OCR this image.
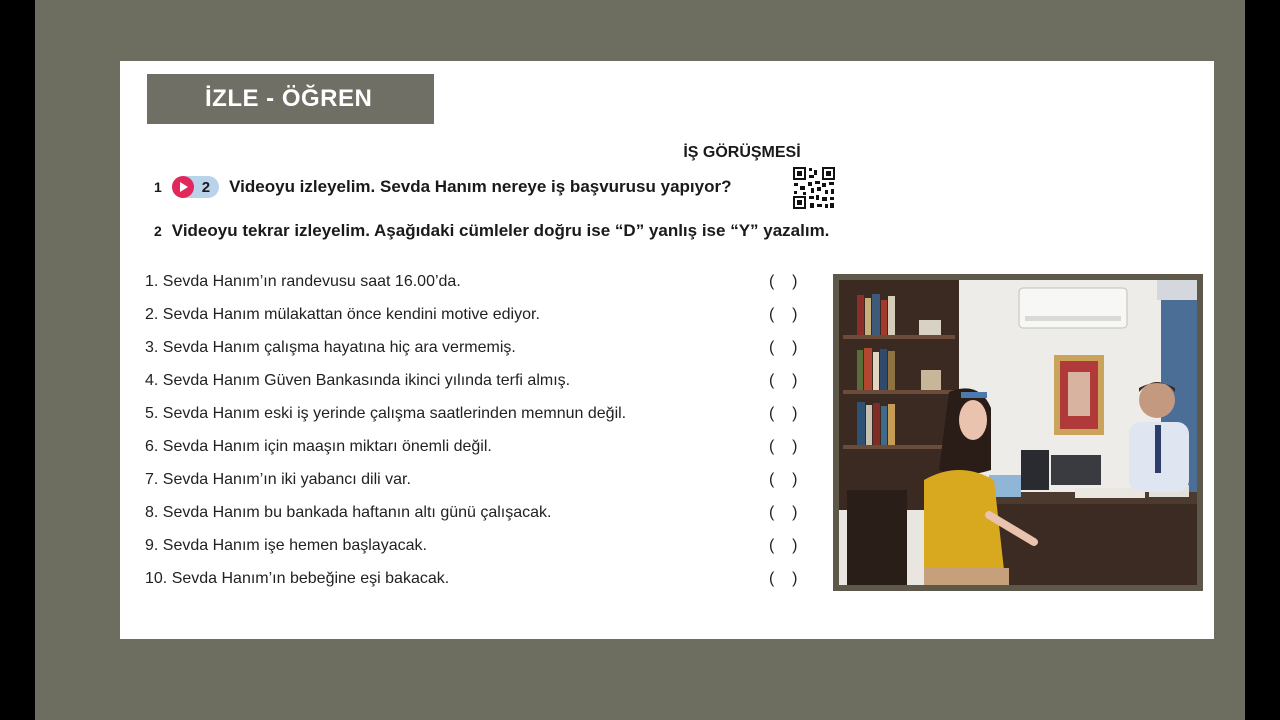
İZLE - ÖĞREN
İŞ GÖRÜŞMESİ
1	2 Videoyu izleyelim. Sevda Hanım nereye iş başvurusu yapıyor?
2 Videoyu tekrar izleyelim. Aşağıdaki cümleler doğru ise “D” yanlış ise “Y” yazalım.
1. Sevda Hanım’ın randevusu saat 16.00’da.	(    )
2. Sevda Hanım mülakattan önce kendini motive ediyor.	(    )
3. Sevda Hanım çalışma hayatına hiç ara vermemiş.	(    )
4. Sevda Hanım Güven Bankasında ikinci yılında terfi almış.	(    )
5. Sevda Hanım eski iş yerinde çalışma saatlerinden memnun değil.	(    )
6. Sevda Hanım için maaşın miktarı önemli değil.	(    )
7. Sevda Hanım’ın iki yabancı dili var.	(    )
8. Sevda Hanım bu bankada haftanın altı günü çalışacak.	(    )
9. Sevda Hanım işe hemen başlayacak.	(    )
10. Sevda Hanım’ın bebeğine eşi bakacak.	(    )
